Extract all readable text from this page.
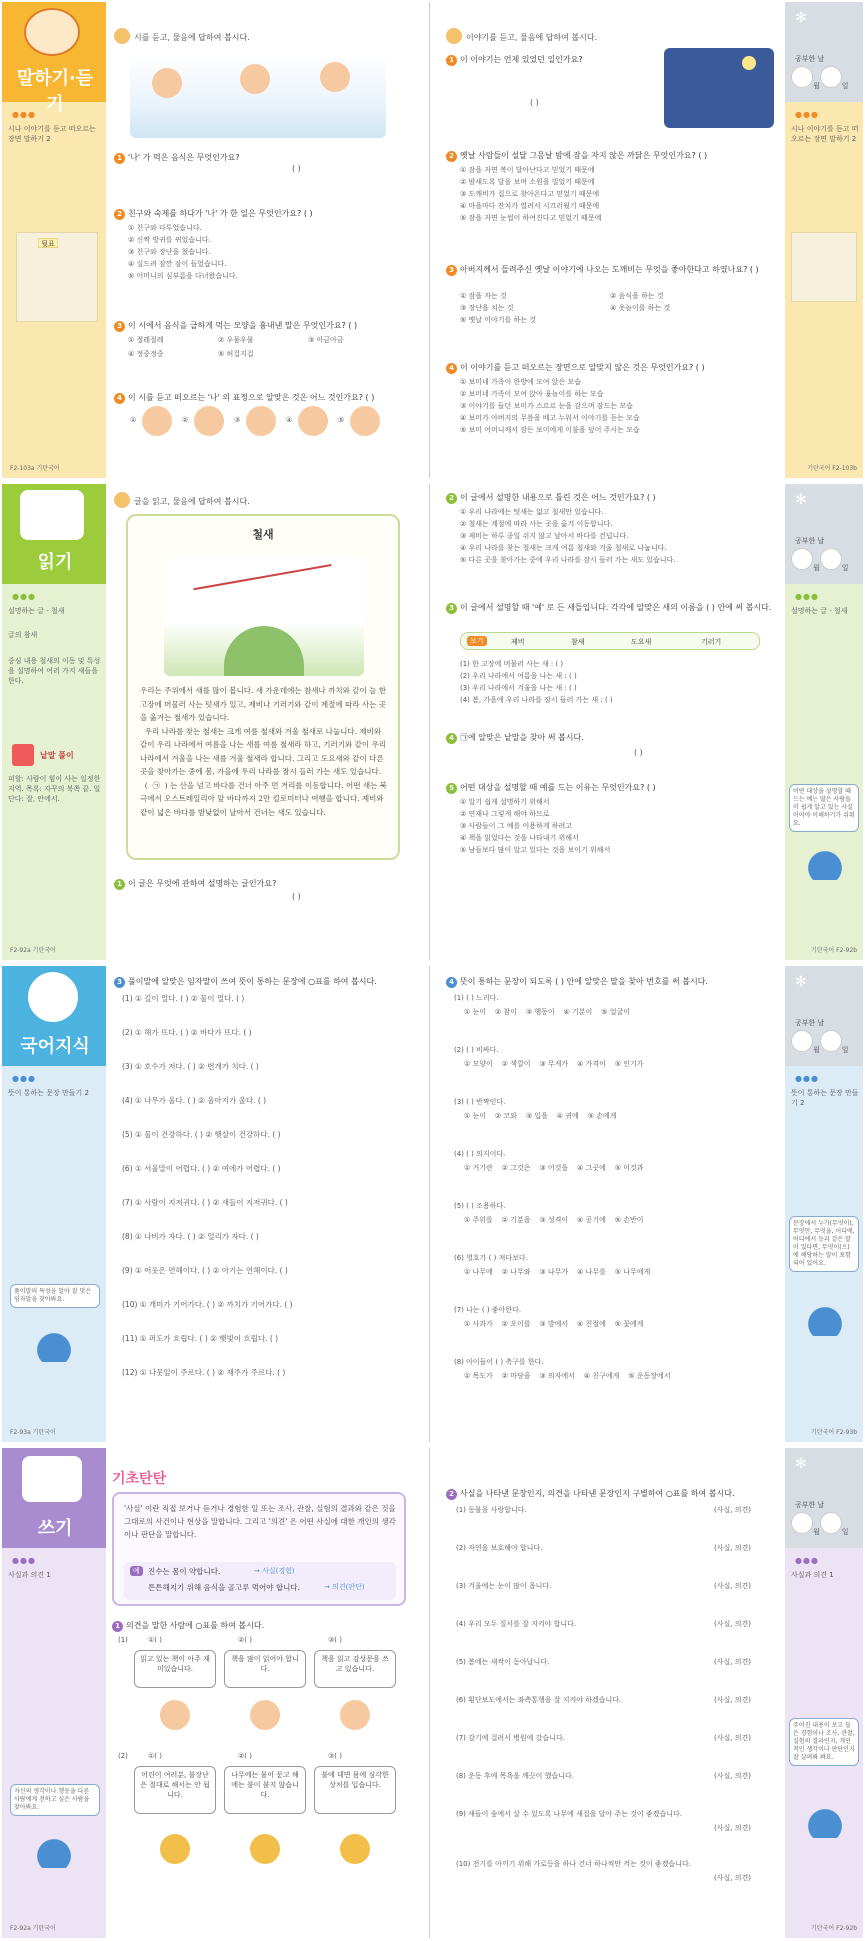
말하기·듣기
●●●
시나 이야기를 듣고 떠오르는 장면 말하기 2
뒷표
F2-103a 기탄국어
시를 듣고, 물음에 답하여 봅시다.
1 '나' 가 먹은 음식은 무엇인가요?
( )
2 친구와 숙제를 하다가 '나' 가 한 일은 무엇인가요? ( )
① 친구와 다투었습니다.
② 신짝 방귀를 뀌었습니다.
③ 친구와 장난을 쳤습니다.
④ 실드려 잠깐 잠이 들었습니다.
⑤ 어머니의 심부름을 다녀왔습니다.
3 이 시에서 음식을 급하게 먹는 모양을 흉내낸 말은 무엇인가요? ( )
① 절레절레	② 우물우물	③ 아금아금
④ 정중정중	⑤ 허겁지겁
4 이 시를 듣고 떠오르는 '나' 의 표정으로 알맞은 것은 어느 것인가요? ( )
①	②	③	④	⑤
✻
공부한 날
월	일
●●●
시나 이야기를 듣고 떠오르는 장면 말하기 2
기탄국어 F2-103b
이야기를 듣고, 물음에 답하여 봅시다.
1 이 이야기는 언제 있었던 일인가요?
( )
2 옛날 사람들이 설달 그믐날 밤에 잠을 자지 않은 까닭은 무엇인가요? ( )
① 잠을 자면 복이 달아난다고 믿었기 때문에
② 밤새도록 달을 보며 소원을 빌었기 때문에
③ 도깨비가 집으로 찾아온다고 믿었기 때문에
④ 마을마다 잔치가 열려서 시끄러웠기 때문에
⑤ 잠을 자면 눈썹이 하여진다고 믿었기 때문에
3 아버지께서 들려주신 옛날 이야기에 나오는 도깨비는 무엇을 좋아한다고 하였나요? ( )
① 잠을 자는 것	② 음식을 하는 것
③ 장난을 치는 것	④ 옷놀이를 하는 것
⑤ 옛날 이야기를 하는 것
4 이 이야기를 듣고 떠오르는 장면으로 알맞지 않은 것은 무엇인가요? ( )
① 보미네 가족이 한방에 모여 앉은 모습
② 보미네 가족이 모여 앉아 윷놀이를 하는 모습
③ 이야기를 들던 보미가 스르르 눈을 감으며 잠드는 모습
④ 보미가 아버지의 무릎을 베고 누워서 이야기를 듣는 모습
⑤ 보미 어머니께서 잠든 보미에게 이불을 덮어 주시는 모습
읽기
●●●
설명하는 글 - 철새
글의 참새
중심 내용 철새의 이동 및 특성을 설명하여 여러 가지 새들을 한다.
낱말 풀이
피할: 사람이 힘이 사는 일정한 지역. 목록: 자꾸의 북쪽 끝. 일단다: 잘, 안에서.
F2-92a 기탄국어
글을 읽고, 물음에 답하여 봅시다.
철새
우리는 주위에서 새를 많이 봅니다. 새 가운데에는 참새나 까치와 같이 늘 한 고장에 머물러 사는 텃새가 있고, 제비나 기러기와 같이 계절에 따라 사는 곳을 옮겨는 철새가 있습니다.
우리 나라를 찾는 철새는 크게 여름 철새와 겨울 철새로 나눕니다. 제비와 같이 우리 나라에서 여름을 나는 새를 여름 철새라 하고, 기러기와 같이 우리 나라에서 겨울을 나는 새를 겨울 철새라 합니다. 그리고 도요새와 같이 다른 곳을 찾아가는 중에 봄, 가을에 우리 나라를 잠시 들러 가는 새도 있습니다.
(  ㉠  ) 는 산을 넘고 바다를 건너 아주 먼 거리를 이동합니다. 어떤 새는 북극에서 오스트레일리아 앞 바다까지 2만 킬로미터나 여행을 합니다. 제비와 같이 넓은 바다를 밤낮없이 날아서 건너는 새도 있습니다.
1 이 글은 무엇에 관하여 설명하는 글인가요?
( )
✻
공부한 날
월	일
●●●
설명하는 글 - 철새
어떤 대상을 설명할 때 드는 예는 많은 사람들이 쉽게 알고 있는 사실이어야 이해하기가 쉬워요.
기탄국어 F2-92b
2 이 글에서 설명한 내용으로 틀린 것은 어느 것인가요? ( )
① 우리 나라에는 텃새는 없고 철새만 있습니다.
② 철새는 계절에 따라 사는 곳을 옮겨 이동합니다.
③ 제비는 하루 종일 쉬지 않고 날아서 바다를 건넙니다.
④ 우리 나라를 찾는 철새는 크게 여름 철새와 겨울 철새로 나눕니다.
⑤ 다른 곳을 찾아가는 중에 우리 나라를 잠시 들러 가는 새도 있습니다.
3 이 글에서 설명할 때 '예' 로 든 새들입니다. 각각에 알맞은 새의 이름을 ( ) 안에 써 봅시다.
보기	제비	참새	도요새	기러기
(1) 한 고장에 머물러 사는 새 : ( )
(2) 우리 나라에서 여름을 나는 새 : ( )
(3) 우리 나라에서 겨울을 나는 새 : ( )
(4) 봄, 가을에 우리 나라를 잠시 들러 가는 새 : ( )
4 ㉠에 알맞은 낱말을 찾아 써 봅시다.
( )
5 어떤 대상을 설명할 때 예를 드는 이유는 무엇인가요? ( )
① 알기 쉽게 설명하기 위해서
② 연재나 그렇게 해야 하므로
③ 사람들이 그 예를 이용하게 하려고
④ 책을 읽었다는 것을 나타내기 위해서
⑤ 남들보다 많이 알고 있다는 것을 보이기 위해서
국어지식
●●●
뜻이 통하는 문장 만들기 2
풀이말의 특성을 알아 잘 맞은 임자말을 찾아봐요.
F2-93a 기탄국어
3 풀이말에 알맞은 임자말이 쓰여 뜻이 통하는 문장에 ○표를 하여 봅시다.
(1) ① 길이 멀다. ( ) ② 물이 멀다. ( )
(2) ① 해가 뜨다. ( ) ② 바다가 뜨다. ( )
(3) ① 호수가 저다. ( ) ② 번개가 치다. ( )
(4) ① 나무가 울다. ( ) ② 울아지가 울다. ( )
(5) ① 물이 건강하다. ( ) ② 햇살이 건강하다. ( )
(6) ① 서울말이 어렵다. ( ) ② 여에가 어렵다. ( )
(7) ① 사람이 지저귀다. ( ) ② 새들이 지저귀다. ( )
(8) ① 나비가 자다. ( ) ② 얼리가 자다. ( )
(9) ① 어웃은 연해이다. ( ) ② 아기는 연해이다. ( )
(10) ① 개미가 기어가다. ( ) ② 까치가 기어가다. ( )
(11) ① 퍼도가 흐립다. ( ) ② 햇빛이 흐립다. ( )
(12) ① 나뭇잎이 주르다. ( ) ② 재주가 주르다. ( )
✻
공부한 날
월	일
●●●
뜻이 통하는 문장 만들기 2
문장에서 누가(무엇이), 무엇만, 무엇을, 어디에, 어디에서 등과 같은 말이 있다면, 무엇이(으)에 해당하는 말이 포함되어 있어요.
기탄국어 F2-93b
4 뜻이 통하는 문장이 되도록 ( ) 안에 알맞은 말을 찾아 번호를 써 봅시다.
(1) ( ) 느리다.
① 눈이    ② 참이    ③ 행동이    ④ 기분이    ⑤ 얼굴이
(2) ( ) 비싸다.
① 모양이    ② 색깔이    ③ 무게가    ④ 가격이    ⑤ 인기가
(3) ( ) 반짝인다.
① 눈이    ② 코와    ③ 입을    ④ 귀에    ⑤ 손에게
(4) ( ) 의지이다.
① 거기란    ② 그것은    ③ 어것을    ④ 그곳에    ⑤ 이것과
(5) ( ) 조용하다.
① 주위를    ② 기분을    ③ 성격이    ④ 공기에    ⑤ 손반이
(6) 영호가 ( ) 져다보다.
① 나무에    ② 나무와    ③ 나무가    ④ 나무를    ⑤ 나무에게
(7) 나는 ( ) 좋아한다.
① 사과가    ② 오이를    ③ 발에서    ④ 친절에    ⑤ 꽃에게
(8) 아이들이 ( ) 축구를 한다.
① 목도가    ② 마당을    ③ 의자에서    ④ 친구에게    ⑤ 운동장에서
쓰기
●●●
사실과 의견 1
자신의 생각이나 행동을 다른 사람에게 전하고 싶은 사람을 찾아봐요.
F2-92a 기탄국어
기초탄탄
'사실' 이란 직접 보거나 듣거나 경험한 일 또는 조사, 관찰, 실험의 결과와 같은 것을 그대로의 사건이나 현상을 말합니다. 그리고 '의견' 은 어떤 사실에 대한 개인의 생각이나 판단을 말합니다.
예	진수는 몸이 약합니다.	→ 사실(경험)
튼튼해지기 위해 음식을 골고루 먹어야 합니다.	→ 의견(판단)
1 의견을 말한 사람에 ○표를 하여 봅시다.
(1)	①( )	②( )	③( )
읽고 있는 책이 아주 재미있습니다.
책을 많이 읽어야 합니다.
책을 읽고 감상문을 쓰고 있습니다.
(2)	①( )	②( )	③( )
어린이 여러분, 불장난은 절대로 해서는 안 됩니다.
나무에는 물이 묻고 해에는 불이 붙지 않습니다.
불에 데면 몸에 심각한 상처를 입습니다.
✻
공부한 날
월	일
●●●
사실과 의견 1
주어진 내용이 보고 들은 경험이나 조사, 관찰, 실험의 결과인지, 개인적인 생각이나 판단인지 잘 살펴봐 봐요.
기탄국어 F2-92b
2 사실을 나타낸 문장인지, 의견을 나타낸 문장인지 구별하여 ○표를 하여 봅시다.
(1) 동물을 사랑합니다.	(사실, 의견)
(2) 자연을 보호해야 합니다.	(사실, 의견)
(3) 겨울에는 눈이 많이 옵니다.	(사실, 의견)
(4) 우리 모두 질서를 잘 지켜야 합니다.	(사실, 의견)
(5) 봄에는 새싹이 돋아납니다.	(사실, 의견)
(6) 횡단보도에서는 좌측통행을 잘 지켜야 하겠습니다.	(사실, 의견)
(7) 감기에 걸려서 병원에 갔습니다.	(사실, 의견)
(8) 운동 후에 목욕을 깨끗이 했습니다.	(사실, 의견)
(9) 새들이 숲에서 살 수 있도록 나무에 새집을 달아 주는 것이 좋겠습니다.
(사실, 의견)
(10) 전기를 아끼기 위해 가로등을 하나 건너 하나씩만 켜는 것이 좋겠습니다.
(사실, 의견)
